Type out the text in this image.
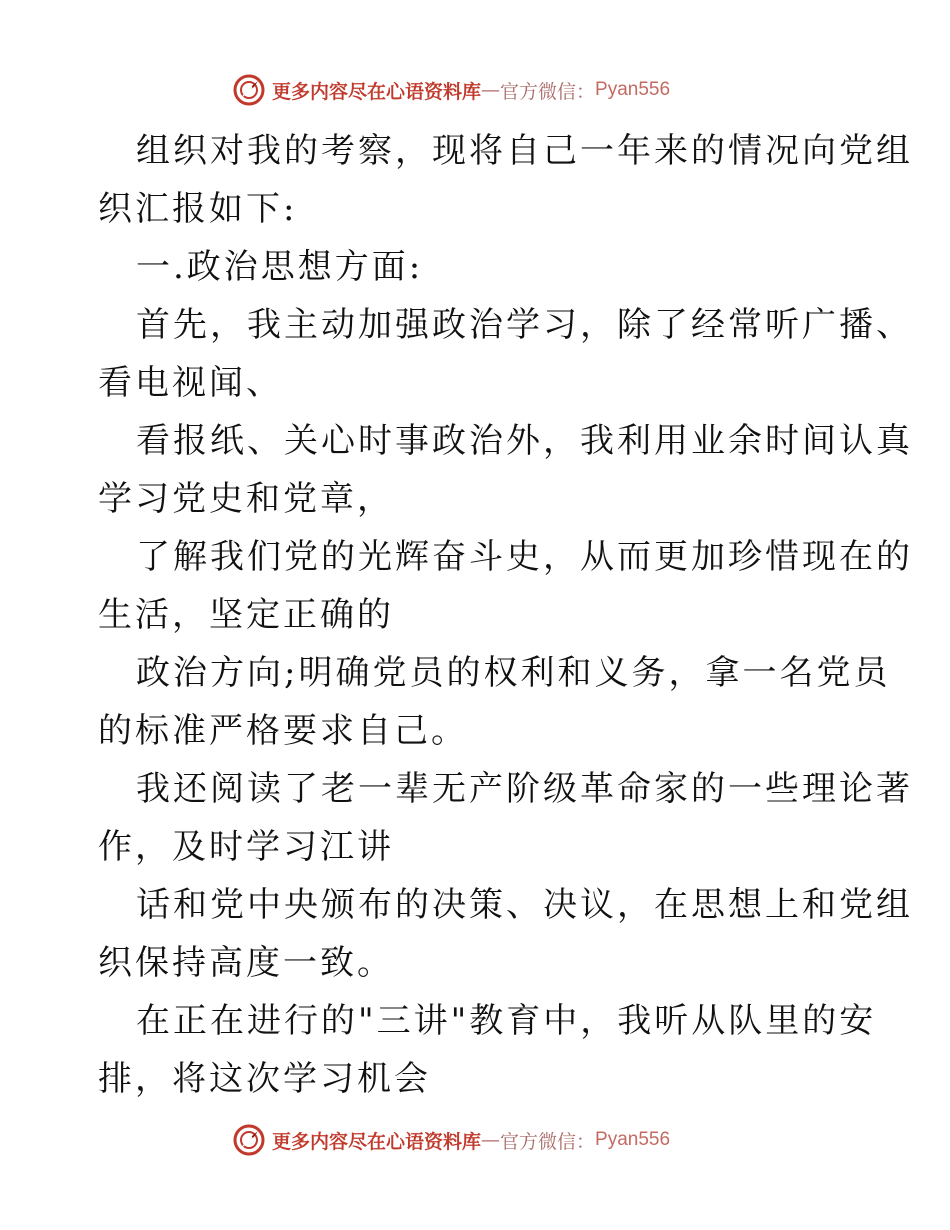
更多内容尽在心语资料库 — 官方微信： Pyan556

组织对我的考察，现将自己一年来的情况向党组

织汇报如下:

一.政治思想方面:

首先，我主动加强政治学习，除了经常听广播、

看电视闻、

看报纸、关心时事政治外，我利用业余时间认真

学习党史和党章，

了解我们党的光辉奋斗史，从而更加珍惜现在的

生活，坚定正确的

政治方向;明确党员的权利和义务，拿一名党员

的标准严格要求自己。

我还阅读了老一辈无产阶级革命家的一些理论著

作，及时学习江讲

话和党中央颁布的决策、决议，在思想上和党组

织保持高度一致。

在正在进行的"三讲"教育中，我听从队里的安

排，将这次学习机会

更多内容尽在心语资料库 — 官方微信： Pyan556
